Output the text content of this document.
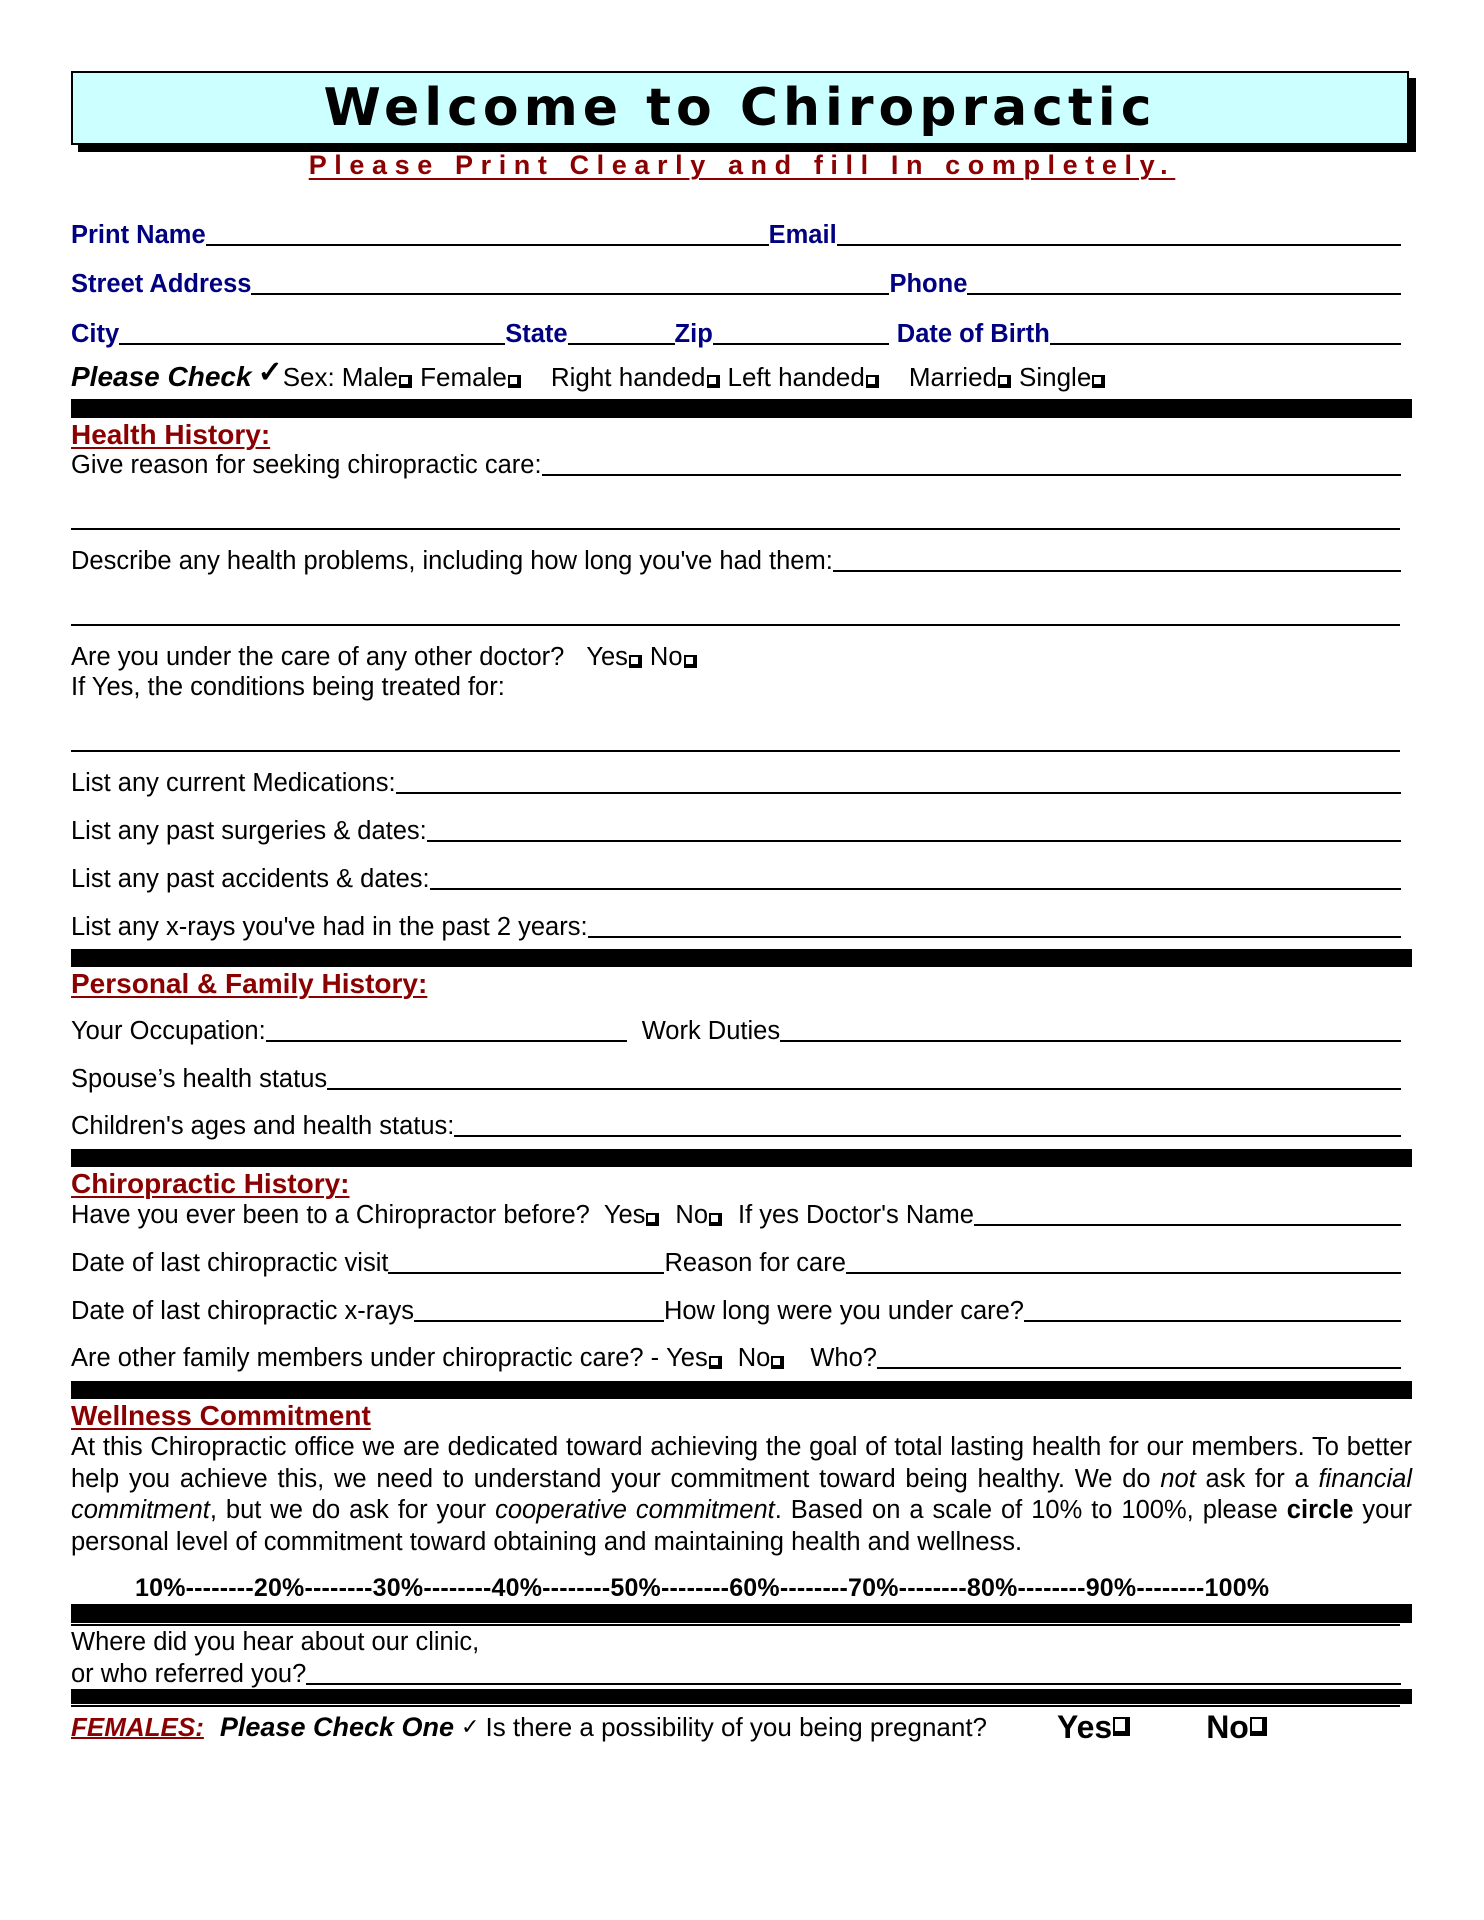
Welcome to Chiropractic
Please Print Clearly and fill In completely.
Print Name	Email
Street Address	Phone
City	State	Zip	Date of Birth
Please Check ✓ Sex: Male Female Right handed Left handed Married Single
Health History:
Give reason for seeking chiropractic care:
Describe any health problems, including how long you've had them:
Are you under the care of any other doctor? Yes No
If Yes, the conditions being treated for:
List any current Medications:
List any past surgeries & dates:
List any past accidents & dates:
List any x-rays you've had in the past 2 years:
Personal & Family History:
Your Occupation:	Work Duties
Spouse’s health status
Children's ages and health status:
Chiropractic History:
Have you ever been to a Chiropractor before? Yes No If yes Doctor's Name
Date of last chiropractic visit	Reason for care
Date of last chiropractic x-rays	How long were you under care?
Are other family members under chiropractic care? - Yes No Who?
Wellness Commitment
At this Chiropractic office we are dedicated toward achieving the goal of total lasting health for our members. To better help you achieve this, we need to understand your commitment toward being healthy. We do not ask for a financial commitment, but we do ask for your cooperative commitment. Based on a scale of 10% to 100%, please circle your personal level of commitment toward obtaining and maintaining health and wellness.
10%--------20%--------30%--------40%--------50%--------60%--------70%--------80%--------90%--------100%
Where did you hear about our clinic,
or who referred you?
FEMALES: Please Check One ✓ Is there a possibility of you being pregnant? Yes	No
